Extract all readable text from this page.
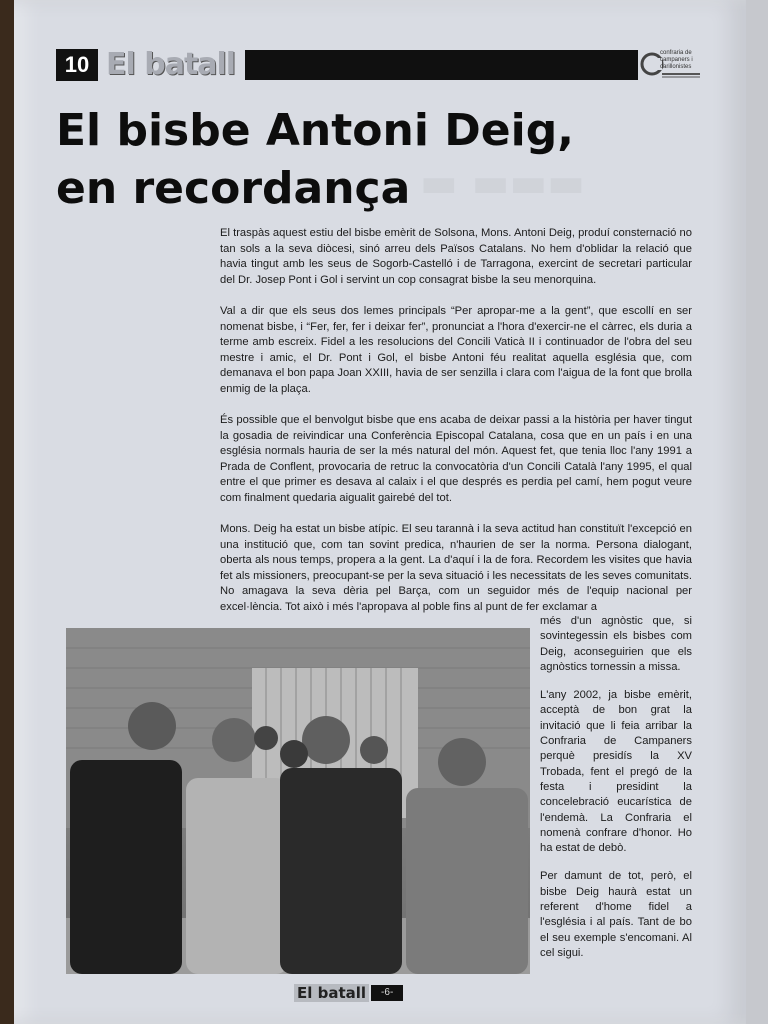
10 El batall	confraria de campaners i carillonistes
▬ ▬▬▬
El bisbe Antoni Deig,
en recordança

El traspàs aquest estiu del bisbe emèrit de Solsona, Mons. Antoni Deig, produí consternació no tan sols a la seva diòcesi, sinó arreu dels Països Catalans. No hem d'oblidar la relació que havia tingut amb les seus de Sogorb-Castelló i de Tarragona, exercint de secretari particular del Dr. Josep Pont i Gol i servint un cop consagrat bisbe la seu menorquina.

Val a dir que els seus dos lemes principals “Per apropar-me a la gent”, que escollí en ser nomenat bisbe, i “Fer, fer, fer i deixar fer”, pronunciat a l'hora d'exercir-ne el càrrec, els duria a terme amb escreix. Fidel a les resolucions del Concili Vaticà II i continuador de l'obra del seu mestre i amic, el Dr. Pont i Gol, el bisbe Antoni féu realitat aquella església que, com demanava el bon papa Joan XXIII, havia de ser senzilla i clara com l'aigua de la font que brolla enmig de la plaça.

És possible que el benvolgut bisbe que ens acaba de deixar passi a la història per haver tingut la gosadia de reivindicar una Conferència Episcopal Catalana, cosa que en un país i en una església normals hauria de ser la més natural del món. Aquest fet, que tenia lloc l'any 1991 a Prada de Conflent, provocaria de retruc la convocatòria d'un Concili Català l'any 1995, el qual entre el que primer es desava al calaix i el que després es perdia pel camí, hem pogut veure com finalment quedaria aigualit gairebé del tot.

Mons. Deig ha estat un bisbe atípic. El seu tarannà i la seva actitud han constituït l'excepció en una institució que, com tan sovint predica, n'haurien de ser la norma. Persona dialogant, oberta als nous temps, propera a la gent. La d'aquí i la de fora. Recordem les visites que havia fet als missioners, preocupant-se per la seva situació i les necessitats de les seves comunitats. No amagava la seva dèria pel Barça, com un seguidor més de l'equip nacional per excel·lència. Tot això i més l'apropava al poble fins al punt de fer exclamar a

més d'un agnòstic que, si sovintegessin els bisbes com Deig, aconseguirien que els agnòstics tornessin a missa.

L'any 2002, ja bisbe emèrit, acceptà de bon grat la invitació que li feia arribar la Confraria de Campaners perquè presidís la XV Trobada, fent el pregó de la festa i presidint la concelebració eucarística de l'endemà. La Confraria el nomenà confrare d'honor. Ho ha estat de debò.

Per damunt de tot, però, el bisbe Deig haurà estat un referent d'home fidel a l'església i al país. Tant de bo el seu exemple s'encomani. Al cel sigui.

El batall	-6-
